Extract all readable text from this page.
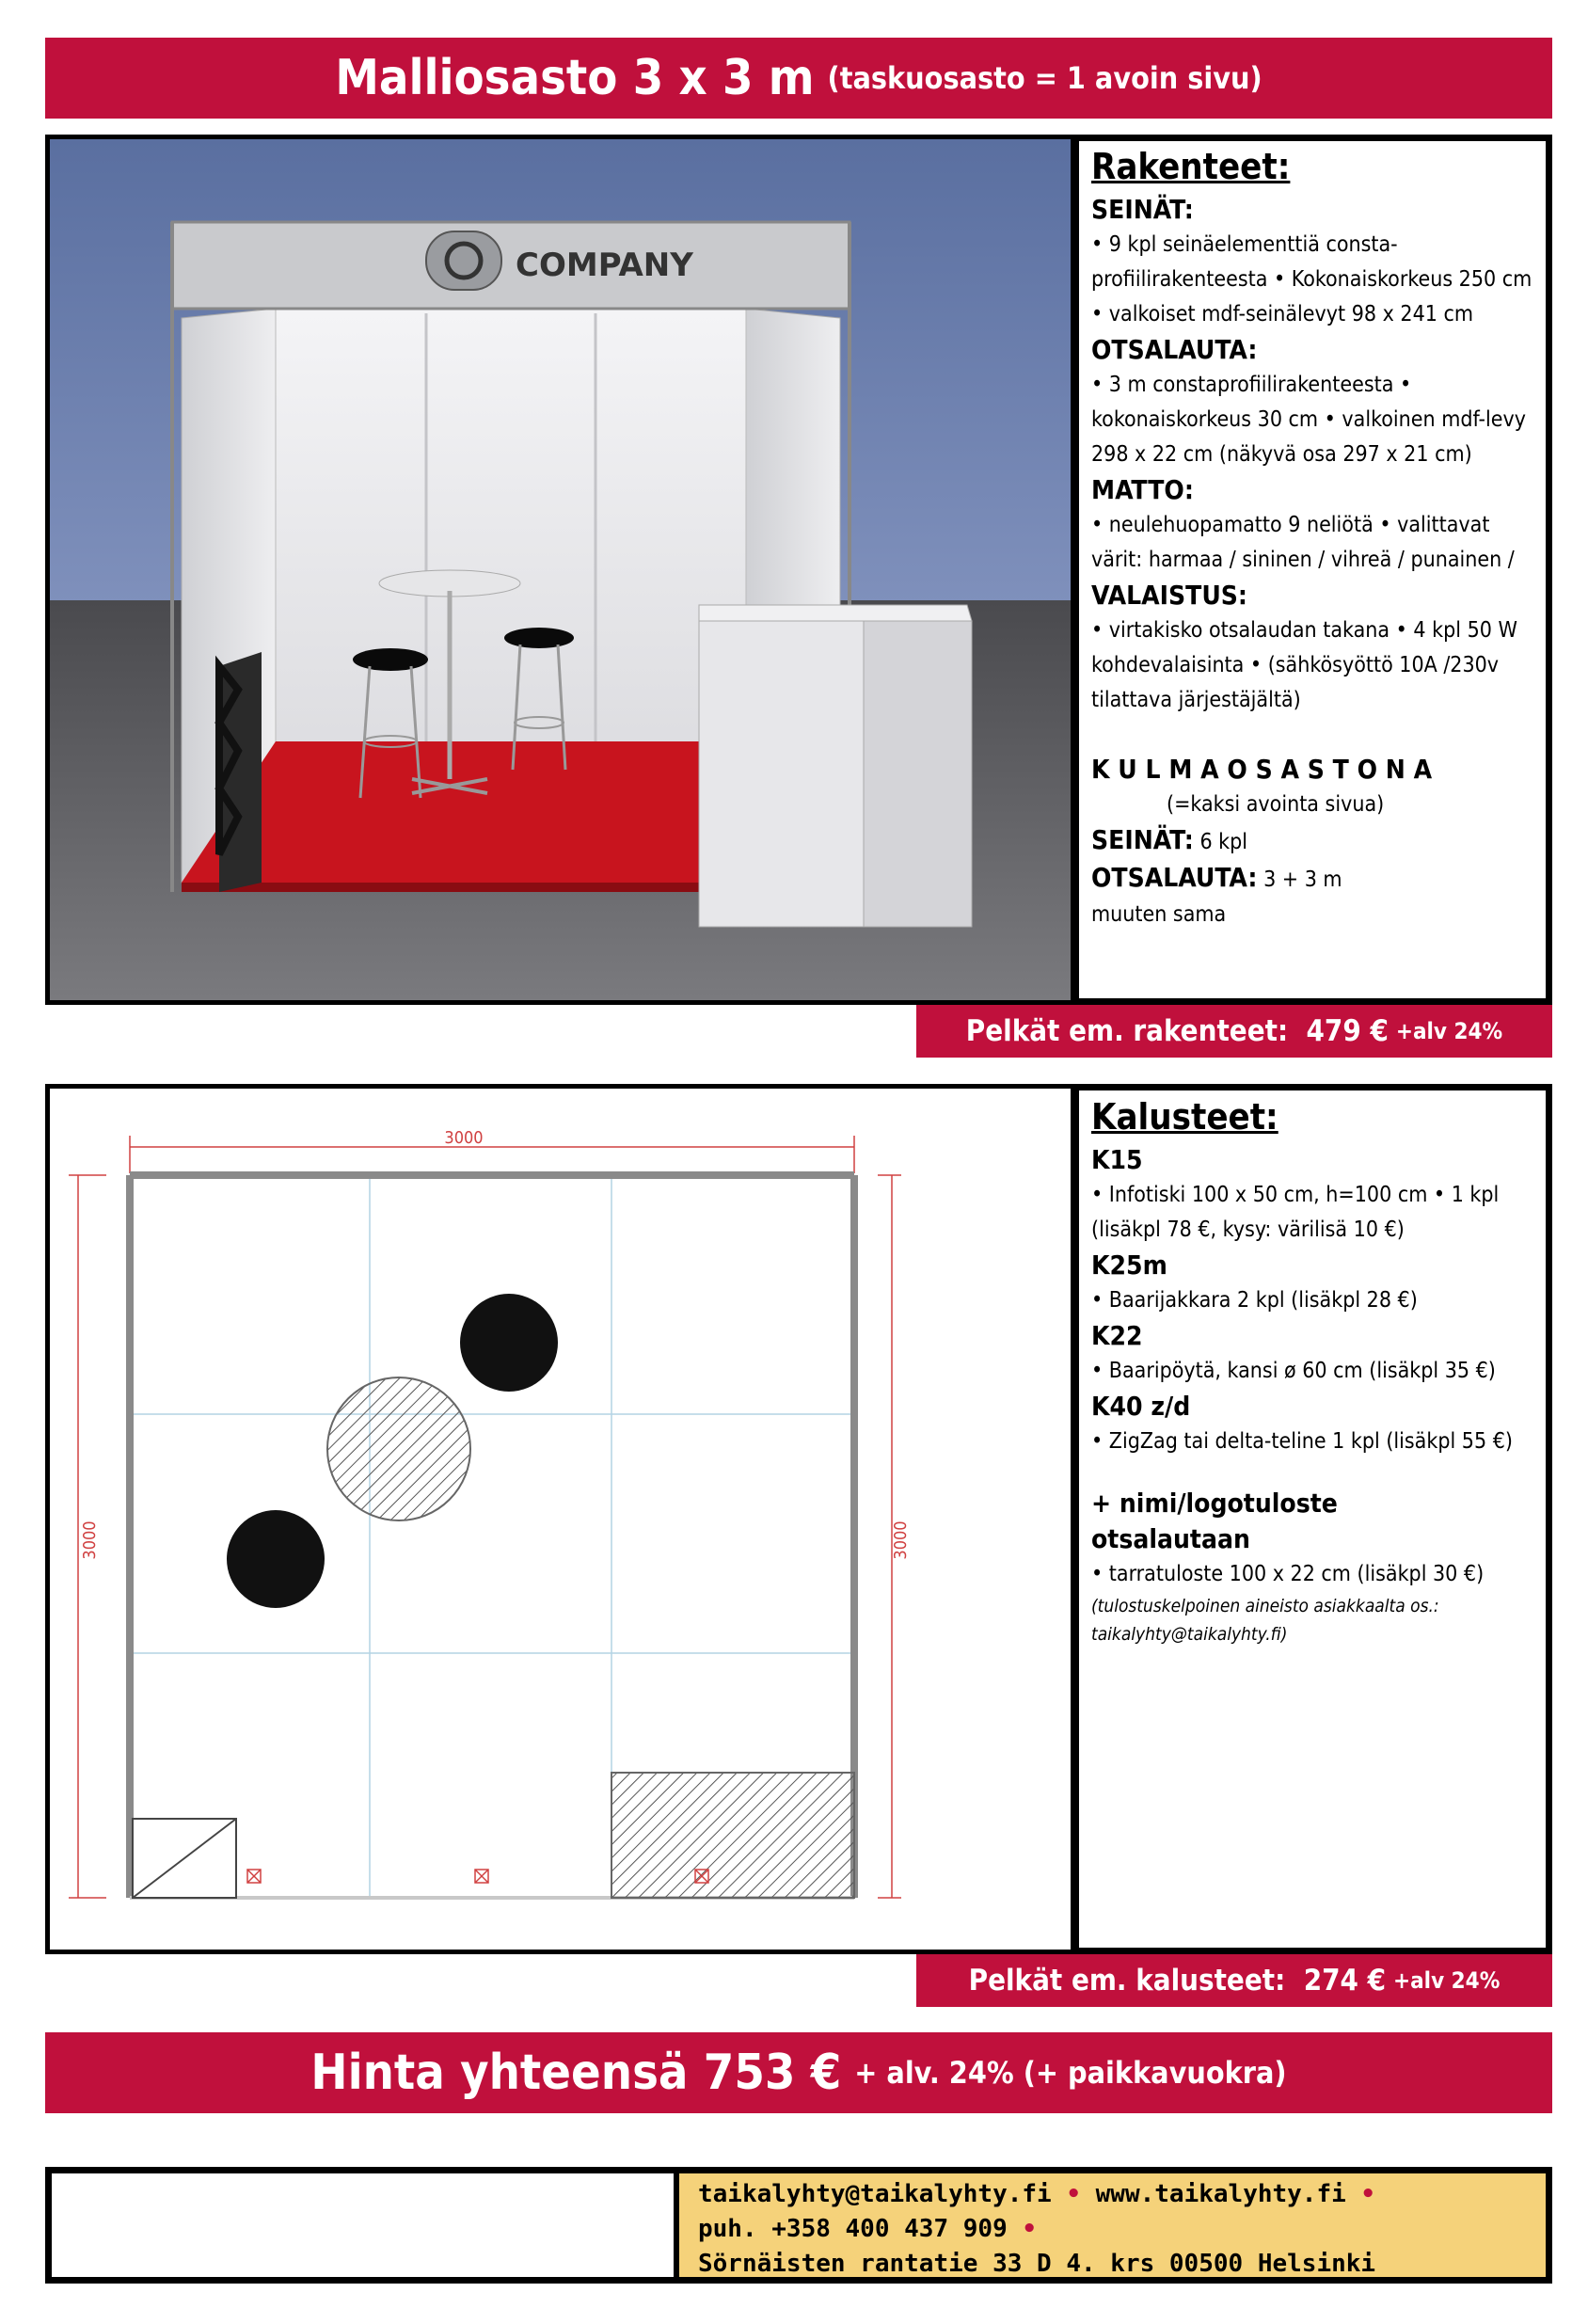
Malliosasto 3 x 3 m (taskuosasto = 1 avoin sivu)
COMPANY
Rakenteet:
SEINÄT:
• 9 kpl seinäelementtiä consta-profiilirakenteesta • Kokonaiskorkeus 250 cm • valkoiset mdf-seinälevyt 98 x 241 cm
OTSALAUTA:
• 3 m constaprofiilirakenteesta • kokonaiskorkeus 30 cm • valkoinen mdf-levy 298 x 22 cm (näkyvä osa 297 x 21 cm)
MATTO:
• neulehuopamatto 9 neliötä • valittavat värit: harmaa / sininen / vihreä / punainen /
VALAISTUS:
• virtakisko otsalaudan takana • 4 kpl 50 W kohdevalaisinta • (sähkösyöttö 10A /230v tilattava järjestäjältä)
K U L M A O S A S T O N A
(=kaksi avointa sivua)
SEINÄT: 6 kpl
OTSALAUTA: 3 + 3 m
muuten sama
Pelkät em. rakenteet:
479 € +alv 24%
3000
3000	3000
Kalusteet:
K15
• Infotiski 100 x 50 cm, h=100 cm • 1 kpl (lisäkpl 78 €, kysy: värilisä 10 €)
K25m
• Baarijakkara 2 kpl (lisäkpl 28 €)
K22
• Baaripöytä, kansi ø 60 cm (lisäkpl 35 €)
K40 z/d
• ZigZag tai delta-teline 1 kpl (lisäkpl 55 €)
+ nimi/logotuloste otsalautaan
• tarratuloste 100 x 22 cm (lisäkpl 30 €)
(tulostuskelpoinen aineisto asiakkaalta os.: taikalyhty@taikalyhty.fi)
Pelkät em. kalusteet:
274 € +alv 24%
Hinta yhteensä 753 € + alv. 24% (+ paikkavuokra)
taikalyhty@taikalyhty.fi • www.taikalyhty.fi •
puh. +358 400 437 909 •
Sörnäisten rantatie 33 D 4. krs 00500 Helsinki
